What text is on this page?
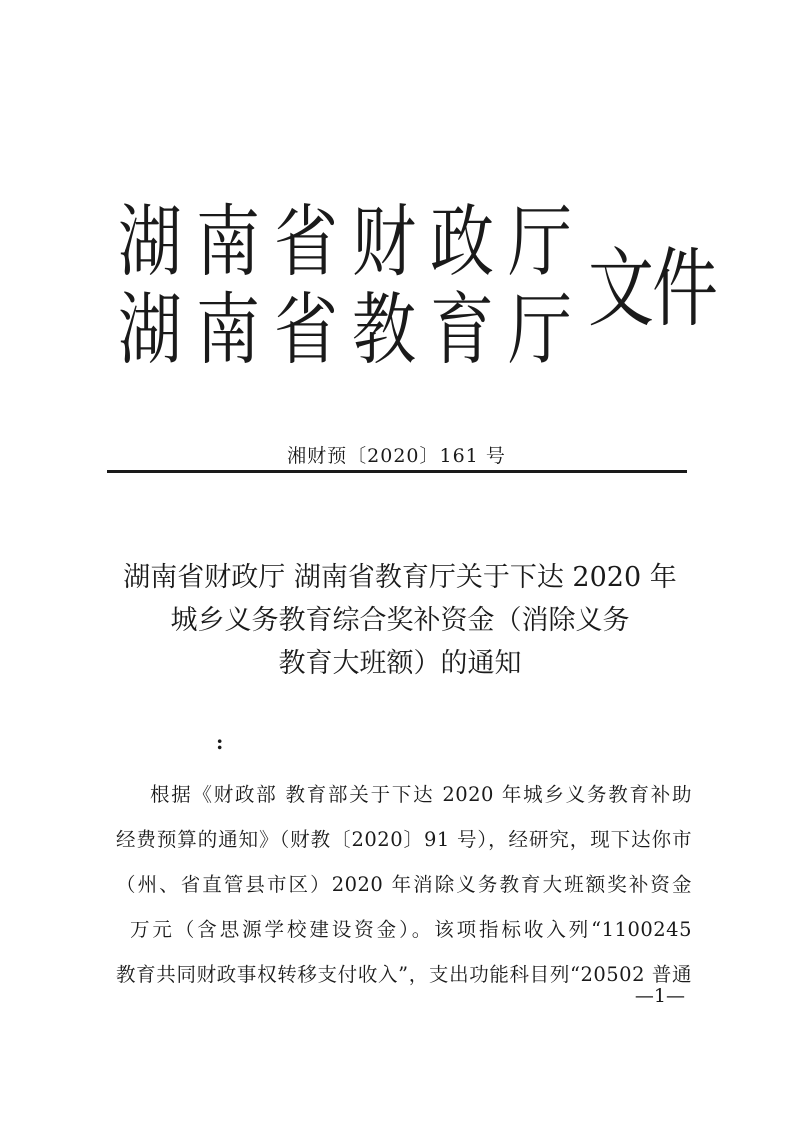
湖南省财政厅
湖南省教育厅 文件
湘财预〔2020〕161 号
湖南省财政厅 湖南省教育厅关于下达 2020 年
城乡义务教育综合奖补资金（消除义务
教育大班额）的通知
:
根据《财政部 教育部关于下达 2020 年城乡义务教育补助
经费预算的通知》（财教〔2020〕91 号），经研究，现下达你市
（州、省直管县市区）2020 年消除义务教育大班额奖补资金
万元（含思源学校建设资金）。该项指标收入列“1100245
教育共同财政事权转移支付收入”，支出功能科目列“20502 普通
—1—
